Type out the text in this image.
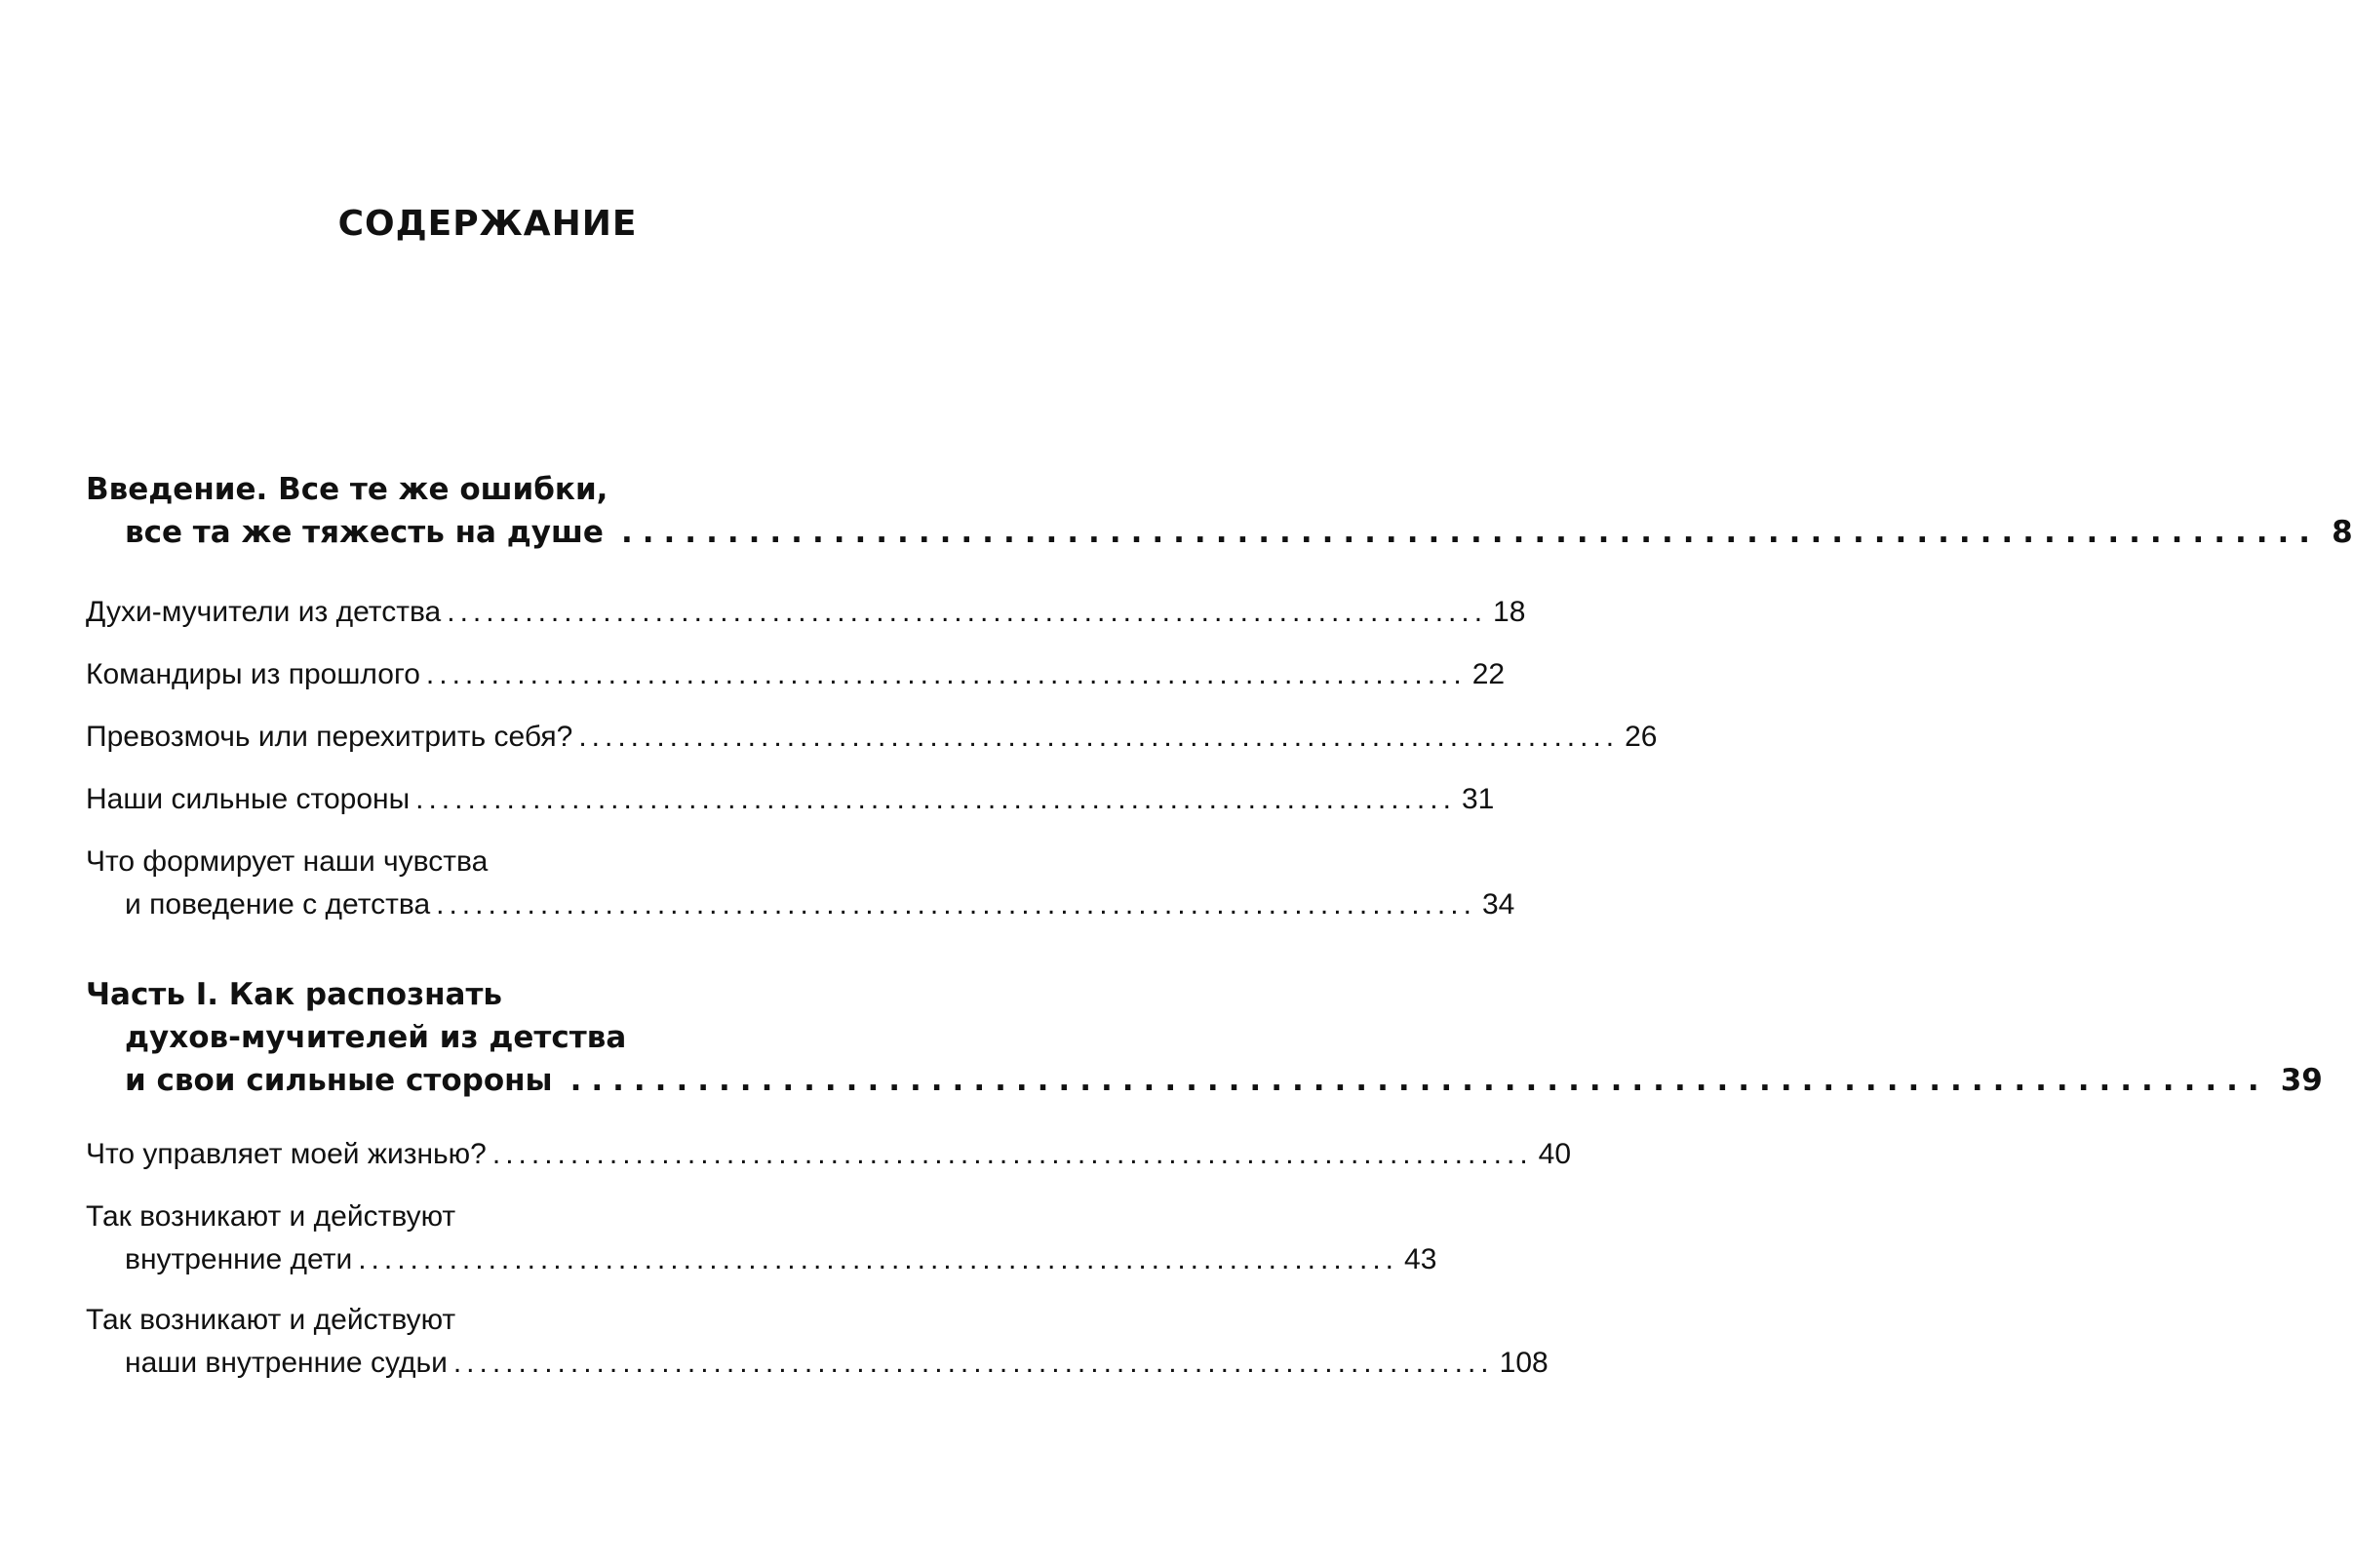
СОДЕРЖАНИЕ
Введение. Все те же ошибки,
все та же тяжесть на душе ................................................................................ 8
Духи-мучители из детства ................................................................................ 18
Командиры из прошлого ................................................................................ 22
Превозмочь или перехитрить себя? ................................................................................ 26
Наши сильные стороны ................................................................................ 31
Что формирует наши чувства
и поведение с детства ................................................................................ 34
Часть I. Как распознать
духов-мучителей из детства
и свои сильные стороны ................................................................................ 39
Что управляет моей жизнью? ................................................................................ 40
Так возникают и действуют
внутренние дети ................................................................................ 43
Так возникают и действуют
наши внутренние судьи ................................................................................ 108
